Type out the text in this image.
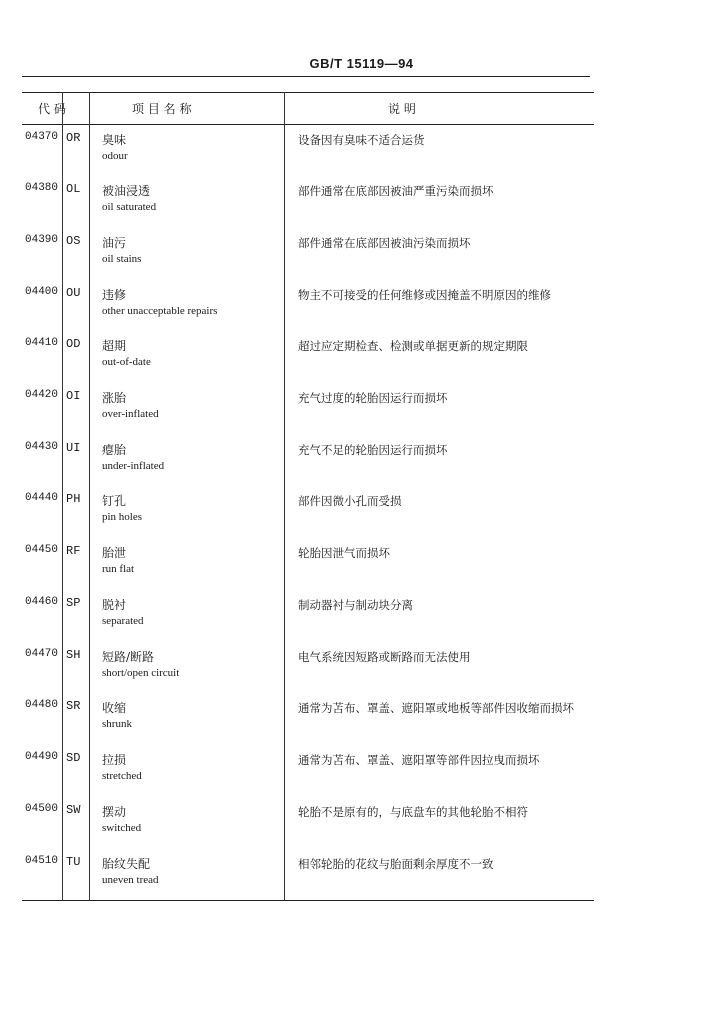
GB/T 15119—94
代 码	项 目 名 称	说 明
04370 OR 臭味
odour
设备因有臭味不适合运货
04380 OL 被油浸透
oil saturated
部件通常在底部因被油严重污染而损坏
04390 OS 油污
oil stains
部件通常在底部因被油污染而损坏
04400 OU 违修
other unacceptable repairs
物主不可接受的任何维修或因掩盖不明原因的维修
04410 OD 超期
out-of-date
超过应定期检查、检测或单据更新的规定期限
04420 OI 涨胎
over-inflated
充气过度的轮胎因运行而损坏
04430 UI 瘪胎
under-inflated
充气不足的轮胎因运行而损坏
04440 PH 钉孔
pin holes
部件因微小孔而受损
04450 RF 胎泄
run flat
轮胎因泄气而损坏
04460 SP 脱衬
separated
制动器衬与制动块分离
04470 SH 短路/断路
short/open circuit
电气系统因短路或断路而无法使用
04480 SR 收缩
shrunk
通常为苫布、罩盖、遮阳罩或地板等部件因收缩而损坏
04490 SD 拉损
stretched
通常为苫布、罩盖、遮阳罩等部件因拉曳而损坏
04500 SW 摆动
switched
轮胎不是原有的，与底盘车的其他轮胎不相符
04510 TU 胎纹失配
uneven tread
相邻轮胎的花纹与胎面剩余厚度不一致
